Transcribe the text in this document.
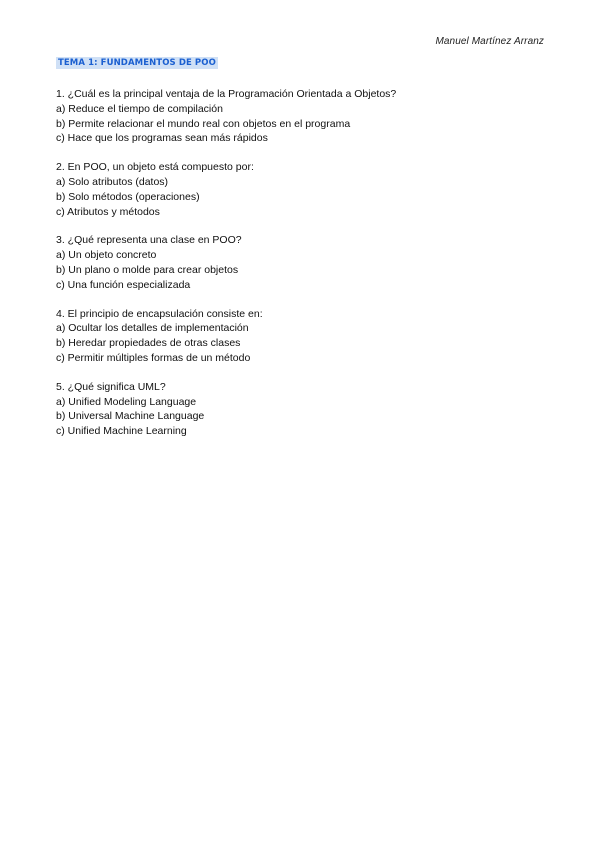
Manuel Martínez Arranz
TEMA 1: FUNDAMENTOS DE POO
1. ¿Cuál es la principal ventaja de la Programación Orientada a Objetos?
a) Reduce el tiempo de compilación
b) Permite relacionar el mundo real con objetos en el programa
c) Hace que los programas sean más rápidos
2. En POO, un objeto está compuesto por:
a) Solo atributos (datos)
b) Solo métodos (operaciones)
c) Atributos y métodos
3. ¿Qué representa una clase en POO?
a) Un objeto concreto
b) Un plano o molde para crear objetos
c) Una función especializada
4. El principio de encapsulación consiste en:
a) Ocultar los detalles de implementación
b) Heredar propiedades de otras clases
c) Permitir múltiples formas de un método
5. ¿Qué significa UML?
a) Unified Modeling Language
b) Universal Machine Language
c) Unified Machine Learning
